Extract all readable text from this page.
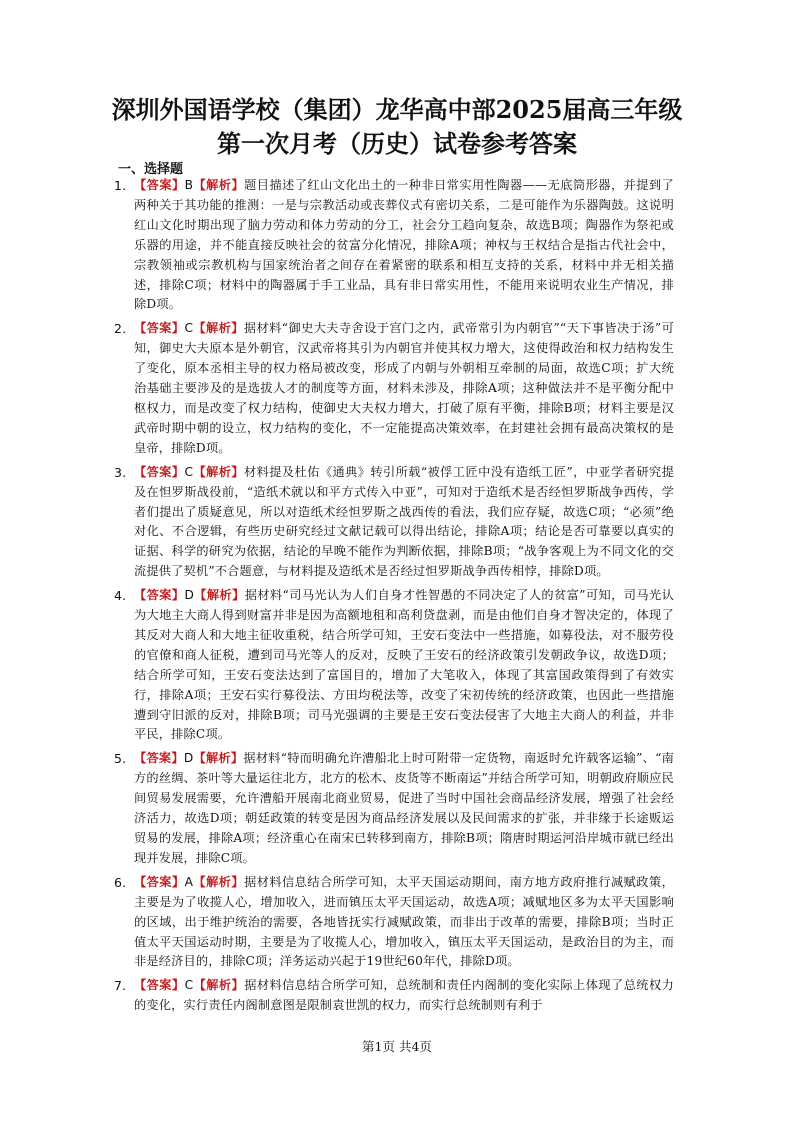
深圳外国语学校（集团）龙华高中部2025届高三年级
第一次月考（历史）试卷参考答案
一、选择题

1. 【答案】B【解析】题目描述了红山文化出土的一种非日常实用性陶器——无底筒形器，并提到了两种关于其功能的推测：一是与宗教活动或丧葬仪式有密切关系，二是可能作为乐器陶鼓。这说明红山文化时期出现了脑力劳动和体力劳动的分工，社会分工趋向复杂，故选B项；陶器作为祭祀或乐器的用途，并不能直接反映社会的贫富分化情况，排除A项；神权与王权结合是指古代社会中，宗教领袖或宗教机构与国家统治者之间存在着紧密的联系和相互支持的关系，材料中并无相关描述，排除C项；材料中的陶器属于手工业品，具有非日常实用性，不能用来说明农业生产情况，排除D项。

2. 【答案】C【解析】据材料“御史大夫寺舍设于宫门之内，武帝常引为内朝官”“天下事皆决于汤”可知，御史大夫原本是外朝官，汉武帝将其引为内朝官并使其权力增大，这使得政治和权力结构发生了变化，原本丞相主导的权力格局被改变，形成了内朝与外朝相互牵制的局面，故选C项；扩大统治基础主要涉及的是选拔人才的制度等方面，材料未涉及，排除A项；这种做法并不是平衡分配中枢权力，而是改变了权力结构，使御史大夫权力增大，打破了原有平衡，排除B项；材料主要是汉武帝时期中朝的设立，权力结构的变化，不一定能提高决策效率，在封建社会拥有最高决策权的是皇帝，排除D项。

3. 【答案】C【解析】材料提及杜佑《通典》转引所载“被俘工匠中没有造纸工匠”，中亚学者研究提及在怛罗斯战役前，“造纸术就以和平方式传入中亚”，可知对于造纸术是否经怛罗斯战争西传，学者们提出了质疑意见，所以对造纸术经怛罗斯之战西传的看法，我们应存疑，故选C项；“必须”绝对化、不合逻辑，有些历史研究经过文献记载可以得出结论，排除A项；结论是否可靠要以真实的证据、科学的研究为依据，结论的早晚不能作为判断依据，排除B项；“战争客观上为不同文化的交流提供了契机”不合题意，与材料提及造纸术是否经过怛罗斯战争西传相悖，排除D项。

4. 【答案】D【解析】据材料“司马光认为人们自身才性智愚的不同决定了人的贫富”可知，司马光认为大地主大商人得到财富并非是因为高额地租和高利贷盘剥，而是由他们自身才智决定的，体现了其反对大商人和大地主征收重税，结合所学可知，王安石变法中一些措施，如募役法，对不服劳役的官僚和商人征税，遭到司马光等人的反对，反映了王安石的经济政策引发朝政争议，故选D项；结合所学可知，王安石变法达到了富国目的，增加了大笔收入，体现了其富国政策得到了有效实行，排除A项；王安石实行募役法、方田均税法等，改变了宋初传统的经济政策，也因此一些措施遭到守旧派的反对，排除B项；司马光强调的主要是王安石变法侵害了大地主大商人的利益，并非平民，排除C项。

5. 【答案】D【解析】据材料“特而明确允许漕船北上时可附带一定货物，南返时允许载客运输”、“南方的丝绸、茶叶等大量运往北方，北方的松木、皮货等不断南运”并结合所学可知，明朝政府顺应民间贸易发展需要，允许漕船开展南北商业贸易，促进了当时中国社会商品经济发展，增强了社会经济活力，故选D项；朝廷政策的转变是因为商品经济发展以及民间需求的扩张，并非缘于长途贩运贸易的发展，排除A项；经济重心在南宋已转移到南方，排除B项；隋唐时期运河沿岸城市就已经出现并发展，排除C项。

6. 【答案】A【解析】据材料信息结合所学可知，太平天国运动期间，南方地方政府推行减赋政策，主要是为了收揽人心，增加收入，进而镇压太平天国运动，故选A项；减赋地区多为太平天国影响的区域，出于维护统治的需要，各地皆抚实行减赋政策，而非出于改革的需要，排除B项；当时正值太平天国运动时期，主要是为了收揽人心，增加收入，镇压太平天国运动，是政治目的为主，而非是经济目的，排除C项；洋务运动兴起于19世纪60年代，排除D项。

7. 【答案】C【解析】据材料信息结合所学可知，总统制和责任内阁制的变化实际上体现了总统权力的变化，实行责任内阁制意图是限制袁世凯的权力，而实行总统制则有利于

第1页 共4页
